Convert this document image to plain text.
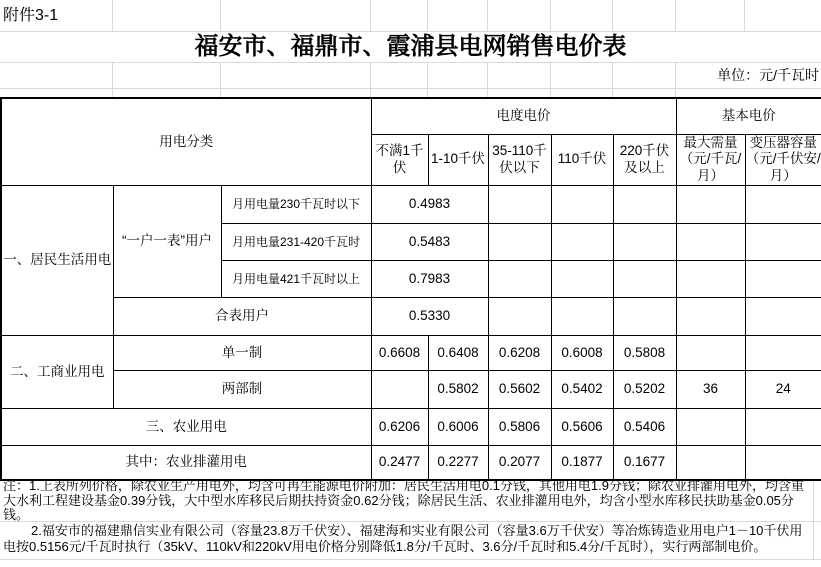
附件3-1
福安市、福鼎市、霞浦县电网销售电价表
单位：元/千瓦时
用电分类			电度电价					基本电价	
			不满1千伏	1-10千伏	35-110千伏以下	110千伏	220千伏及以上	最大需量（元/千瓦/月）	变压器容量（元/千伏安/月）
一、居民生活用电	“一户一表”用户	月用电量230千瓦时以下	0.4983						
		月用电量231-420千瓦时	0.5483						
		月用电量421千瓦时以上	0.7983						
	合表用户		0.5330						
二、工商业用电	单一制		0.6608	0.6408	0.6208	0.6008	0.5808		
	两部制			0.5802	0.5602	0.5402	0.5202	36	24
三、农业用电			0.6206	0.6006	0.5806	0.5606	0.5406		
其中：农业排灌用电			0.2477	0.2277	0.2077	0.1877	0.1677		
注：1.上表所列价格，除农业生产用电外，均含可再生能源电价附加：居民生活用电0.1分钱，其他用电1.9分钱；除农业排灌用电外，均含重大水利工程建设基金0.39分钱，大中型水库移民后期扶持资金0.62分钱；除居民生活、农业排灌用电外，均含小型水库移民扶助基金0.05分钱。
2.福安市的福建鼎信实业有限公司（容量23.8万千伏安）、福建海和实业有限公司（容量3.6万千伏安）等冶炼铸造业用电户1－10千伏用电按0.5156元/千瓦时执行（35kV、110kV和220kV用电价格分别降低1.8分/千瓦时、3.6分/千瓦时和5.4分/千瓦时），实行两部制电价。
